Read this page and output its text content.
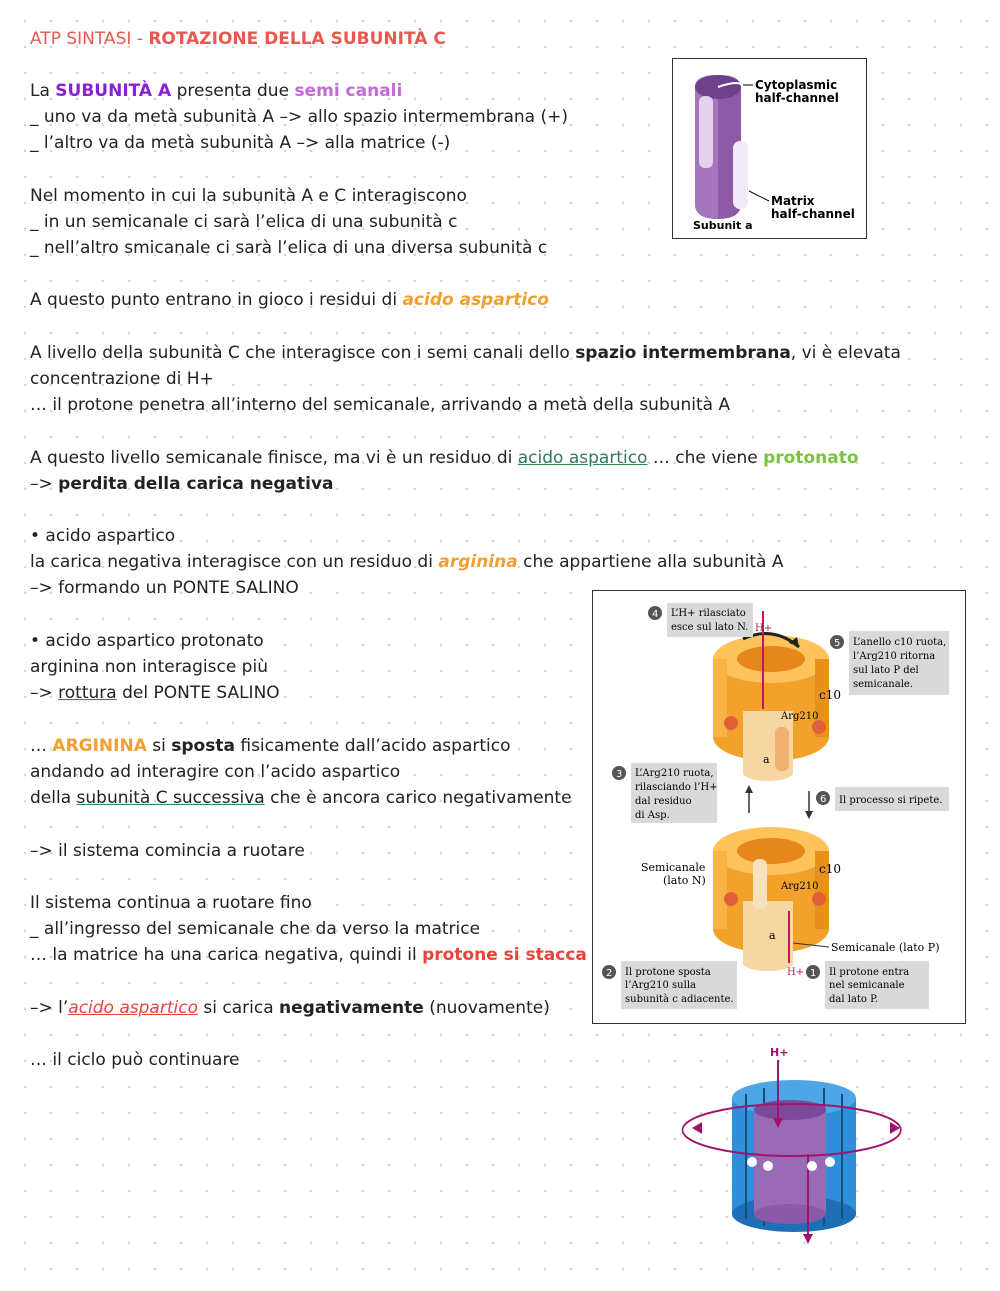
ATP SINTASI - ROTAZIONE DELLA SUBUNITÀ C
La SUBUNITÀ A presenta due semi canali
_ uno va da metà subunità A –> allo spazio intermembrana (+)
_ l’altro va da metà subunità A –> alla matrice (-)
Nel momento in cui la subunità A e C interagiscono
_ in un semicanale ci sarà l’elica di una subunità c
_ nell’altro smicanale ci sarà l’elica di una diversa subunità c
A questo punto entrano in gioco i residui di acido aspartico
A livello della subunità C che interagisce con i semi canali dello spazio intermembrana, vi è elevata
concentrazione di H+
… il protone penetra all’interno del semicanale, arrivando a metà della subunità A
A questo livello semicanale finisce, ma vi è un residuo di acido aspartico … che viene protonato
–> perdita della carica negativa
• acido aspartico
la carica negativa interagisce con un residuo di arginina che appartiene alla subunità A
–> formando un PONTE SALINO
• acido aspartico protonato
arginina non interagisce più
–> rottura del PONTE SALINO
… ARGININA si sposta fisicamente dall’acido aspartico
andando ad interagire con l’acido aspartico
della subunità C successiva che è ancora carico negativamente
–> il sistema comincia a ruotare
Il sistema continua a ruotare fino
_ all’ingresso del semicanale che da verso la matrice
… la matrice ha una carica negativa, quindi il protone si stacca
–> l’acido aspartico si carica negativamente (nuovamente)
… il ciclo può continuare
Cytoplasmic
half-channel
Matrix
half-channel
Subunit a
H+
c10
Arg210
a
c10
Arg210
a
H+
Semicanale
(lato N)
Semicanale (lato P)
4 L’H+ rilasciato
esce sul lato N.
5 L’anello c10 ruota,
l’Arg210 ritorna
sul lato P del
semicanale.
3 L’Arg210 ruota,
rilasciando l’H+
dal residuo
di Asp.
6 Il processo si ripete.
2 Il protone sposta
l’Arg210 sulla
subunità c adiacente.
1 Il protone entra
nel semicanale
dal lato P.
H+
